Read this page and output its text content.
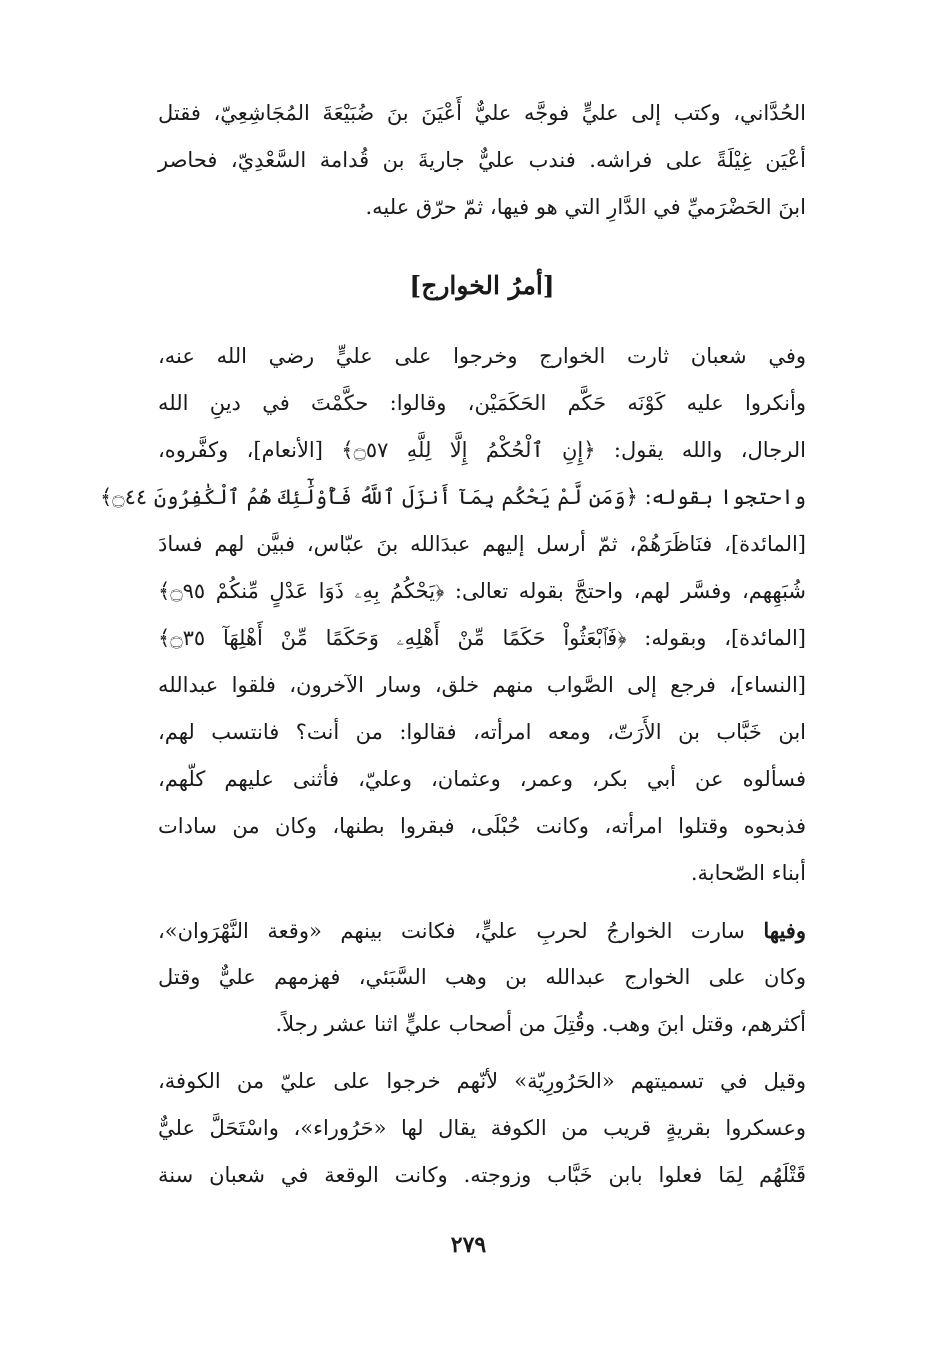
الحُدَّاني، وكتب إلى عليٍّ فوجَّه عليٌّ أَعْيَنَ بنَ ضُبَيْعَةَ المُجَاشِعِيّ، فقتل
أعْيَن غِيْلَةً على فراشه. فندب عليٌّ جاريةَ بن قُدامة السَّعْدِيّ، فحاصر
ابنَ الحَضْرَميِّ في الدَّارِ التي هو فيها، ثمّ حرّق عليه.
[أمرُ الخوارج]
وفي شعبان ثارت الخوارج وخرجوا على عليٍّ رضي الله عنه،
وأنكروا عليه كَوْنَه حَكَّم الحَكَمَيْن، وقالوا: حكَّمْتَ في دينِ الله
الرجال، والله يقول: ﴿إِنِ ٱلْحُكْمُ إِلَّا لِلَّهِ ۝٥٧﴾ [الأنعام]، وكفَّروه،
واحتجوا بقوله: ﴿وَمَن لَّمْ يَحْكُم بِمَآ أَنزَلَ ٱللَّهُ فَأُوْلَٰٓئِكَ هُمُ ٱلْكَٰفِرُونَ ۝٤٤﴾
[المائدة]، فنَاظَرَهُمْ، ثمّ أرسل إليهم عبدَالله بنَ عبّاس، فبيَّن لهم فسادَ
شُبَهِهم، وفسَّر لهم، واحتجَّ بقوله تعالى: ﴿يَحْكُمُ بِهِۦ ذَوَا عَدْلٍ مِّنكُمْ ۝٩٥﴾
[المائدة]، وبقوله: ﴿فَٱبْعَثُواْ حَكَمًا مِّنْ أَهْلِهِۦ وَحَكَمًا مِّنْ أَهْلِهَآ ۝٣٥﴾
[النساء]، فرجع إلى الصَّواب منهم خلق، وسار الآخرون، فلقوا عبدالله
ابن خَبَّاب بن الأَرَتّ، ومعه امرأته، فقالوا: من أنت؟ فانتسب لهم،
فسألوه عن أبي بكر، وعمر، وعثمان، وعليّ، فأثنى عليهم كلّهم،
فذبحوه وقتلوا امرأته، وكانت حُبْلَى، فبقروا بطنها، وكان من سادات
أبناء الصّحابة.
وفيها سارت الخوارجُ لحربِ عليٍّ، فكانت بينهم «وقعة النَّهْرَوان»،
وكان على الخوارج عبدالله بن وهب السَّبَئي، فهزمهم عليٌّ وقتل
أكثرهم، وقتل ابنَ وهب. وقُتِلَ من أصحاب عليٍّ اثنا عشر رجلاً.
وقيل في تسميتهم «الحَرُورِيّة» لأنّهم خرجوا على عليّ من الكوفة،
وعسكروا بقريةٍ قريب من الكوفة يقال لها «حَرُوراء»، واسْتَحَلَّ عليٌّ
قَتْلَهُم لِمَا فعلوا بابن خَبَّاب وزوجته. وكانت الوقعة في شعبان سنة
٢٧٩
